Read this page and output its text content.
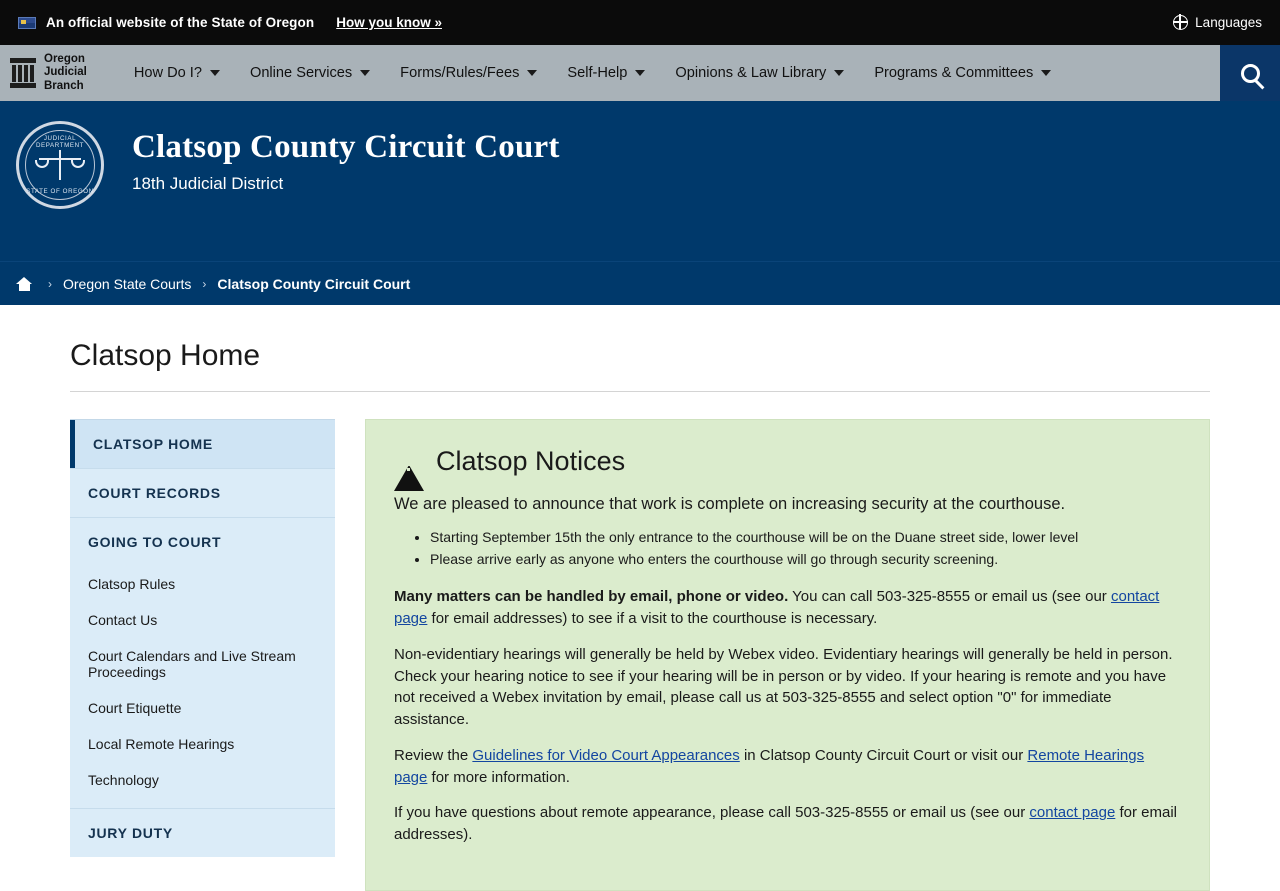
An official website of the State of Oregon How you know »	Languages
Oregon
Judicial
Branch
How Do I?	Online Services	Forms/Rules/Fees	Self-Help	Opinions & Law Library	Programs & Committees
JUDICIAL DEPARTMENT
STATE OF OREGON
Clatsop County Circuit Court
18th Judicial District
› Oregon State Courts › Clatsop County Circuit Court
Clatsop Home
CLATSOP HOME
COURT RECORDS
GOING TO COURT
Clatsop Rules
Contact Us
Court Calendars and Live Stream Proceedings
Court Etiquette
Local Remote Hearings
Technology
JURY DUTY
Clatsop Notices

We are pleased to announce that work is complete on increasing security at the courthouse.

• Starting September 15th the only entrance to the courthouse will be on the Duane street side, lower level
• Please arrive early as anyone who enters the courthouse will go through security screening.

Many matters can be handled by email, phone or video. You can call 503-325-8555 or email us (see our contact page for email addresses) to see if a visit to the courthouse is necessary.

Non-evidentiary hearings will generally be held by Webex video. Evidentiary hearings will generally be held in person. Check your hearing notice to see if your hearing will be in person or by video. If your hearing is remote and you have not received a Webex invitation by email, please call us at 503-325-8555 and select option "0" for immediate assistance.

Review the Guidelines for Video Court Appearances in Clatsop County Circuit Court or visit our Remote Hearings page for more information.

If you have questions about remote appearance, please call 503-325-8555 or email us (see our contact page for email addresses).
